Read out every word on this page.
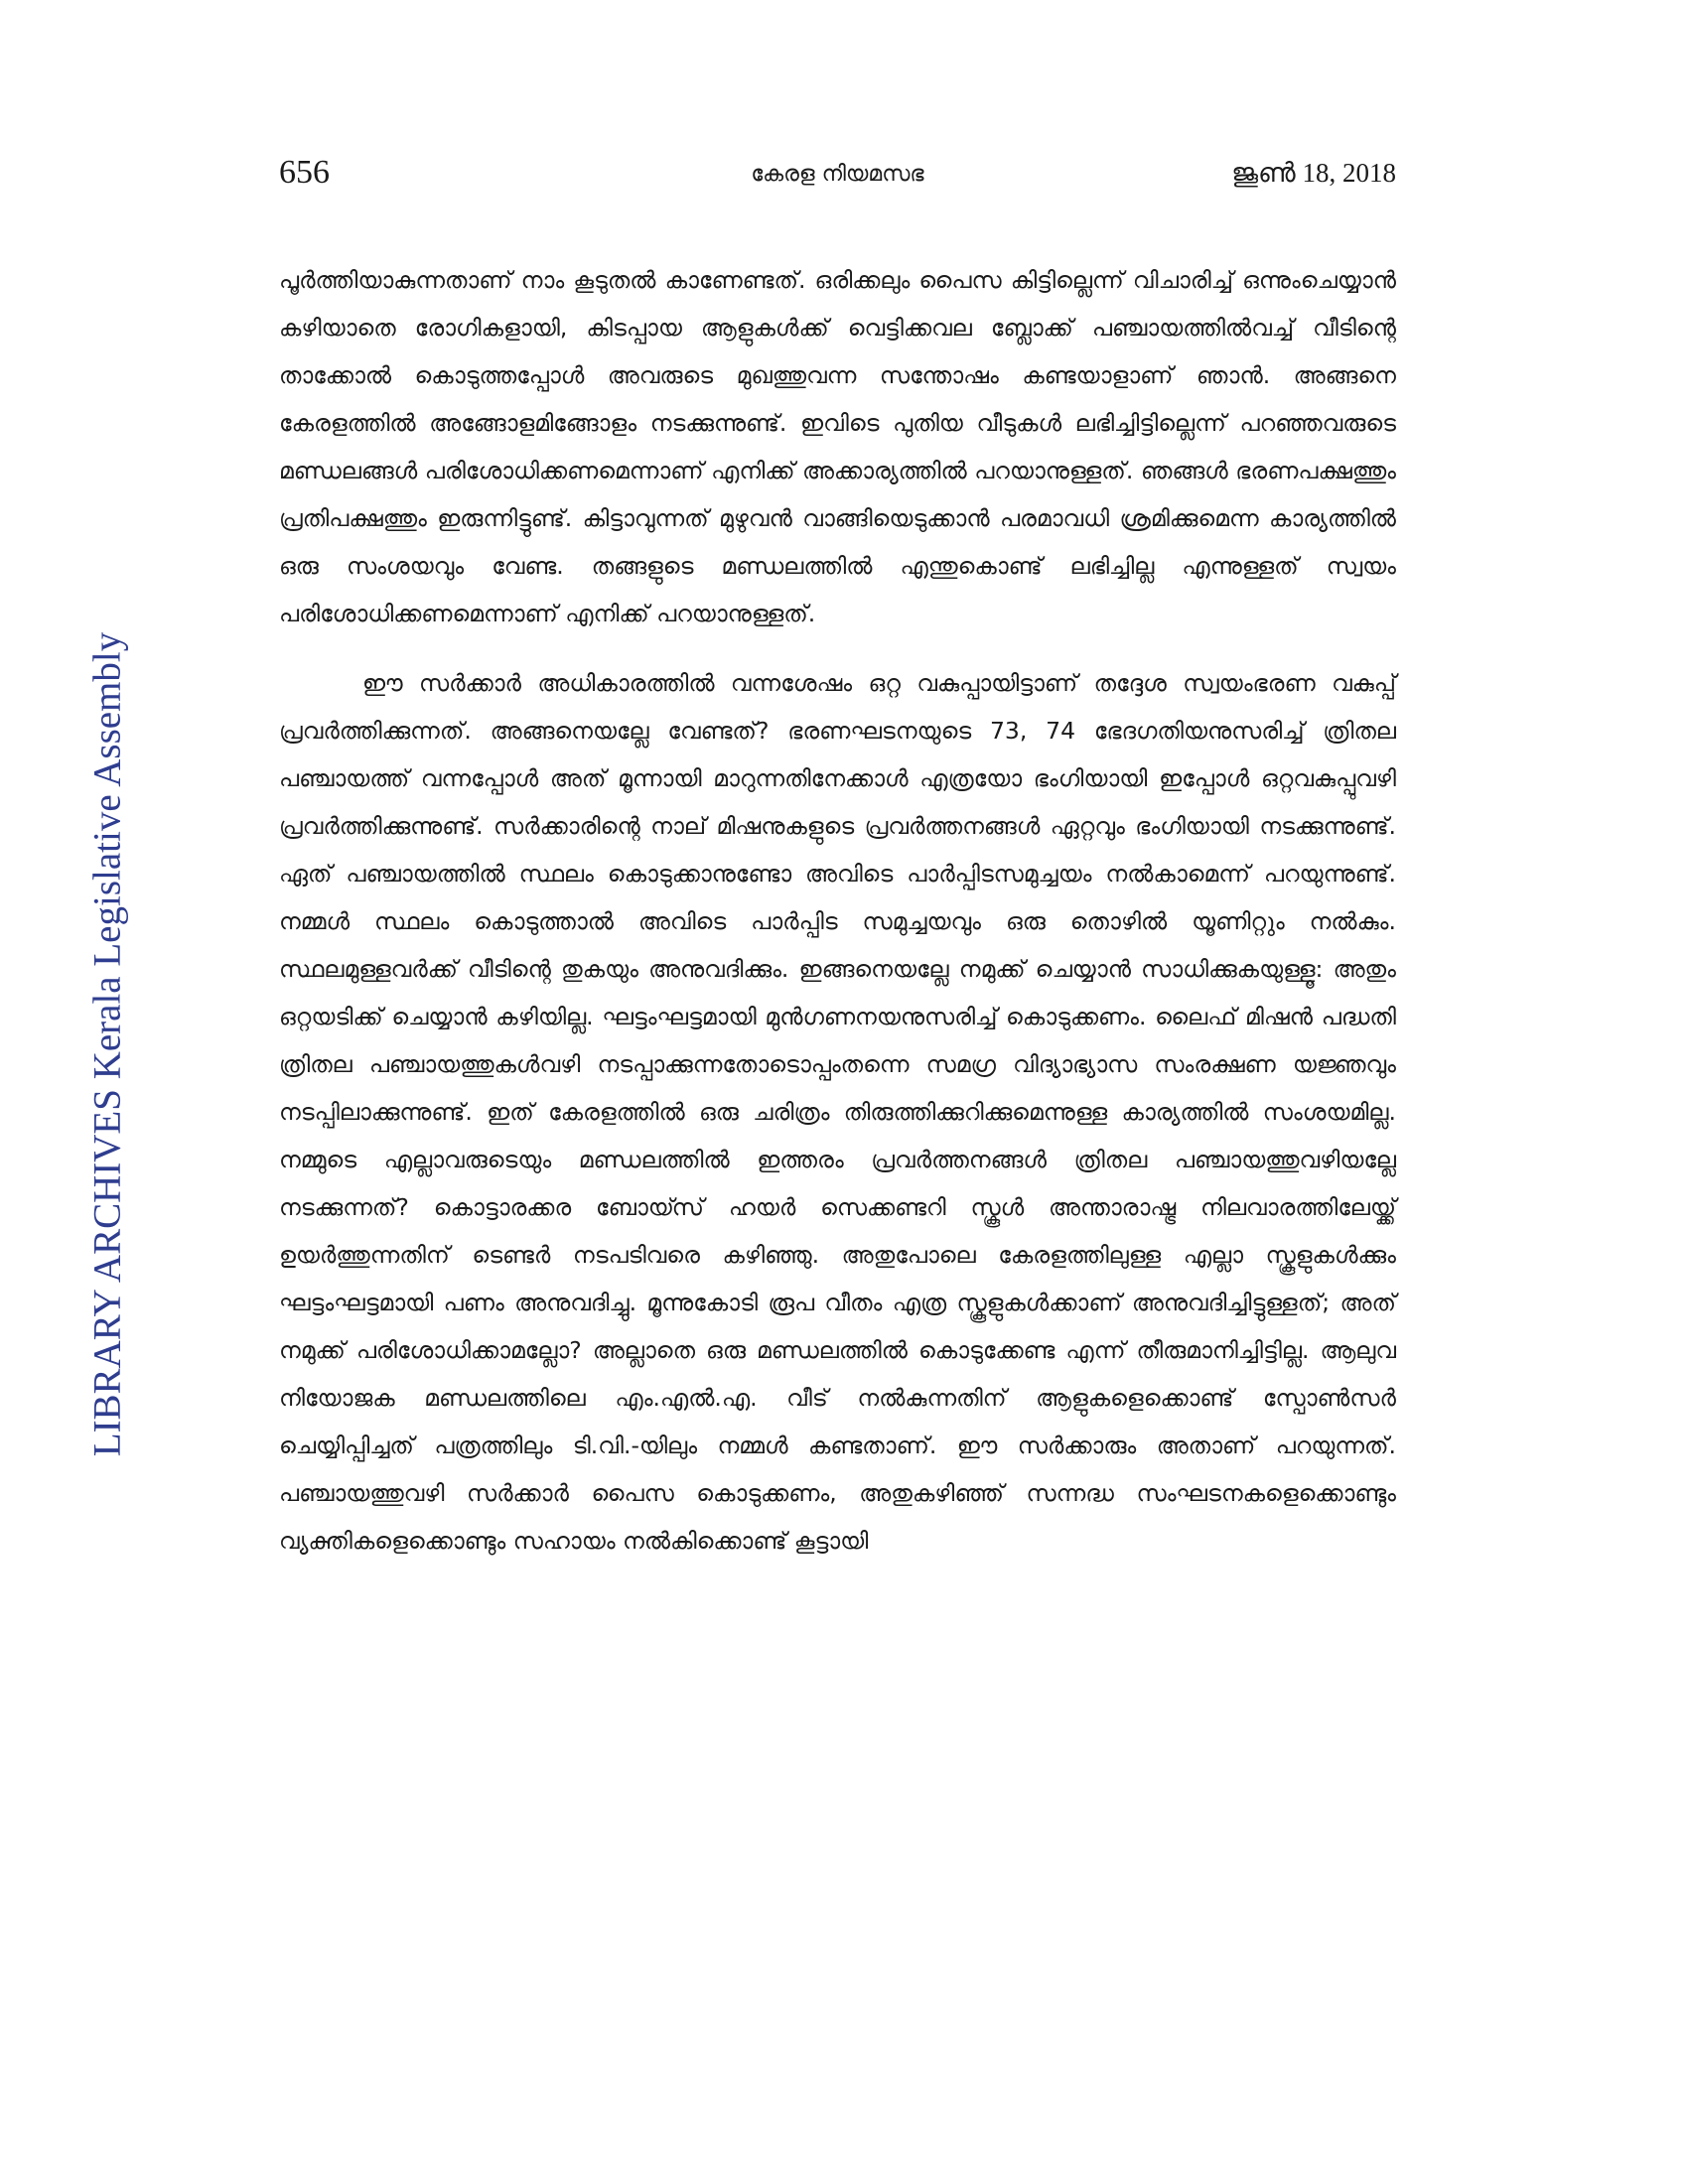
656	കേരള നിയമസഭ	ജൂൺ 18, 2018
LIBRARY ARCHIVES Kerala Legislative Assembly

പൂർത്തിയാകുന്നതാണ് നാം കൂടുതൽ കാണേണ്ടത്. ഒരിക്കലും പൈസ കിട്ടില്ലെന്ന് വിചാരിച്ച് ഒന്നുംചെയ്യാൻ കഴിയാതെ രോഗികളായി, കിടപ്പായ ആളുകൾക്ക് വെട്ടിക്കവല ബ്ലോക്ക് പഞ്ചായത്തിൽവച്ച് വീടിന്റെ താക്കോൽ കൊടുത്തപ്പോൾ അവരുടെ മുഖത്തുവന്ന സന്തോഷം കണ്ടയാളാണ് ഞാൻ. അങ്ങനെ കേരളത്തിൽ അങ്ങോളമിങ്ങോളം നടക്കുന്നുണ്ട്. ഇവിടെ പുതിയ വീടുകൾ ലഭിച്ചിട്ടില്ലെന്ന് പറഞ്ഞവരുടെ മണ്ഡലങ്ങൾ പരിശോധിക്കണമെന്നാണ് എനിക്ക് അക്കാര്യത്തിൽ പറയാനുള്ളത്. ഞങ്ങൾ ഭരണപക്ഷത്തും പ്രതിപക്ഷത്തും ഇരുന്നിട്ടുണ്ട്. കിട്ടാവുന്നത് മുഴുവൻ വാങ്ങിയെടുക്കാൻ പരമാവധി ശ്രമിക്കുമെന്ന കാര്യത്തിൽ ഒരു സംശയവും വേണ്ട. തങ്ങളുടെ മണ്ഡലത്തിൽ എന്തുകൊണ്ട് ലഭിച്ചില്ല എന്നുള്ളത് സ്വയം പരിശോധിക്കണമെന്നാണ് എനിക്ക് പറയാനുള്ളത്.

ഈ സർക്കാർ അധികാരത്തിൽ വന്നശേഷം ഒറ്റ വകുപ്പായിട്ടാണ് തദ്ദേശ സ്വയംഭരണ വകുപ്പ് പ്രവർത്തിക്കുന്നത്. അങ്ങനെയല്ലേ വേണ്ടത്? ഭരണഘടനയുടെ 73, 74 ഭേദഗതിയനുസരിച്ച് ത്രിതല പഞ്ചായത്ത് വന്നപ്പോൾ അത് മൂന്നായി മാറുന്നതിനേക്കാൾ എത്രയോ ഭംഗിയായി ഇപ്പോൾ ഒറ്റവകുപ്പുവഴി പ്രവർത്തിക്കുന്നുണ്ട്. സർക്കാരിന്റെ നാല് മിഷനുകളുടെ പ്രവർത്തനങ്ങൾ ഏറ്റവും ഭംഗിയായി നടക്കുന്നുണ്ട്. ഏത് പഞ്ചായത്തിൽ സ്ഥലം കൊടുക്കാനുണ്ടോ അവിടെ പാർപ്പിടസമുച്ചയം നൽകാമെന്ന് പറയുന്നുണ്ട്. നമ്മൾ സ്ഥലം കൊടുത്താൽ അവിടെ പാർപ്പിട സമുച്ചയവും ഒരു തൊഴിൽ യൂണിറ്റും നൽകും. സ്ഥലമുള്ളവർക്ക് വീടിന്റെ തുകയും അനുവദിക്കും. ഇങ്ങനെയല്ലേ നമുക്ക് ചെയ്യാൻ സാധിക്കുകയുള്ളൂ: അതും ഒറ്റയടിക്ക് ചെയ്യാൻ കഴിയില്ല. ഘട്ടംഘട്ടമായി മുൻഗണനയനുസരിച്ച് കൊടുക്കണം. ലൈഫ് മിഷൻ പദ്ധതി ത്രിതല പഞ്ചായത്തുകൾവഴി നടപ്പാക്കുന്നതോടൊപ്പംതന്നെ സമഗ്ര വിദ്യാഭ്യാസ സംരക്ഷണ യജ്ഞവും നടപ്പിലാക്കുന്നുണ്ട്. ഇത് കേരളത്തിൽ ഒരു ചരിത്രം തിരുത്തിക്കുറിക്കുമെന്നുള്ള കാര്യത്തിൽ സംശയമില്ല. നമ്മുടെ എല്ലാവരുടെയും മണ്ഡലത്തിൽ ഇത്തരം പ്രവർത്തനങ്ങൾ ത്രിതല പഞ്ചായത്തുവഴിയല്ലേ നടക്കുന്നത്? കൊട്ടാരക്കര ബോയ്സ് ഹയർ സെക്കണ്ടറി സ്കൂൾ അന്താരാഷ്ട്ര നിലവാരത്തിലേയ്ക്ക് ഉയർത്തുന്നതിന് ടെണ്ടർ നടപടിവരെ കഴിഞ്ഞു. അതുപോലെ കേരളത്തിലുള്ള എല്ലാ സ്കൂളുകൾക്കും ഘട്ടംഘട്ടമായി പണം അനുവദിച്ചു. മൂന്നുകോടി രൂപ വീതം എത്ര സ്കൂളുകൾക്കാണ് അനുവദിച്ചിട്ടുള്ളത്; അത് നമുക്ക് പരിശോധിക്കാമല്ലോ? അല്ലാതെ ഒരു മണ്ഡലത്തിൽ കൊടുക്കേണ്ട എന്ന് തീരുമാനിച്ചിട്ടില്ല. ആലുവ നിയോജക മണ്ഡലത്തിലെ എം.എൽ.എ. വീട് നൽകുന്നതിന് ആളുകളെക്കൊണ്ട് സ്പോൺസർ ചെയ്യിപ്പിച്ചത് പത്രത്തിലും ടി.വി.-യിലും നമ്മൾ കണ്ടതാണ്. ഈ സർക്കാരും അതാണ് പറയുന്നത്. പഞ്ചായത്തുവഴി സർക്കാർ പൈസ കൊടുക്കണം, അതുകഴിഞ്ഞ് സന്നദ്ധ സംഘടനകളെക്കൊണ്ടും വ്യക്തികളെക്കൊണ്ടും സഹായം നൽകിക്കൊണ്ട് കൂട്ടായി
